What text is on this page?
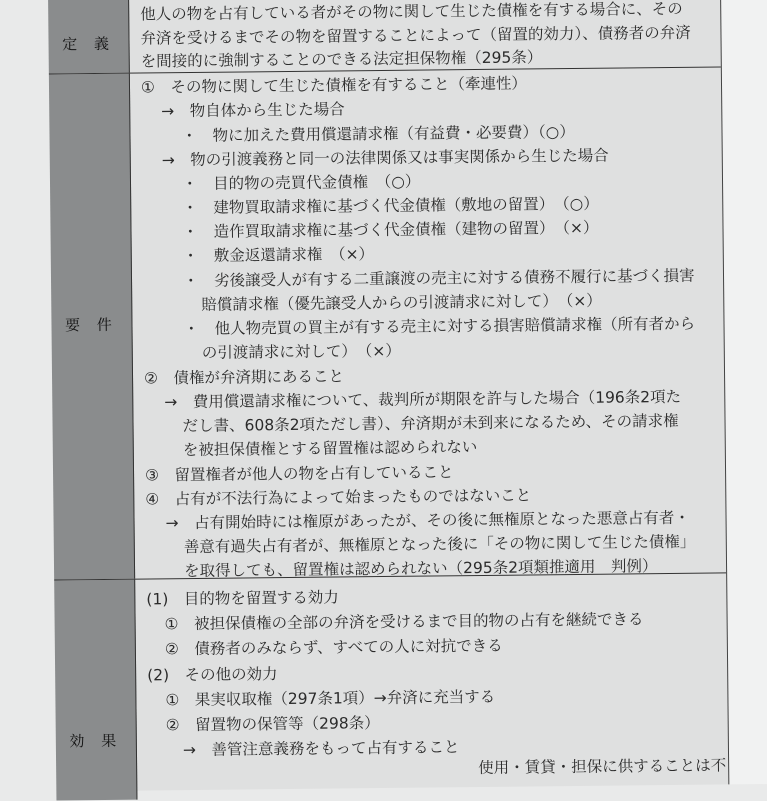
定 義
要 件
効 果
他人の物を占有している者がその物に関して生じた債権を有する場合に、その
弁済を受けるまでその物を留置することによって（留置的効力）、債務者の弁済
を間接的に強制することのできる法定担保物権（295条）
①　その物に関して生じた債権を有すること（牽連性）
→　物自体から生じた場合
・　物に加えた費用償還請求権（有益費・必要費）（○）
→　物の引渡義務と同一の法律関係又は事実関係から生じた場合
・　目的物の売買代金債権　（○）
・　建物買取請求権に基づく代金債権（敷地の留置）　（○）
・　造作買取請求権に基づく代金債権（建物の留置）　（×）
・　敷金返還請求権　（×）
・　劣後譲受人が有する二重譲渡の売主に対する債務不履行に基づく損害
賠償請求権（優先譲受人からの引渡請求に対して）　（×）
・　他人物売買の買主が有する売主に対する損害賠償請求権（所有者から
の引渡請求に対して）　（×）
②　債権が弁済期にあること
→　費用償還請求権について、裁判所が期限を許与した場合（196条2項た
だし書、608条2項ただし書）、弁済期が未到来になるため、その請求権
を被担保債権とする留置権は認められない
③　留置権者が他人の物を占有していること
④　占有が不法行為によって始まったものではないこと
→　占有開始時には権原があったが、その後に無権原となった悪意占有者・
善意有過失占有者が、無権原となった後に「その物に関して生じた債権」
を取得しても、留置権は認められない（295条2項類推適用　判例）
(1)　目的物を留置する効力
①　被担保債権の全部の弁済を受けるまで目的物の占有を継続できる
②　債務者のみならず、すべての人に対抗できる
(2)　その他の効力
①　果実収取権（297条1項）→弁済に充当する
②　留置物の保管等（298条）
→　善管注意義務をもって占有すること
使用・賃貸・担保に供することは不
